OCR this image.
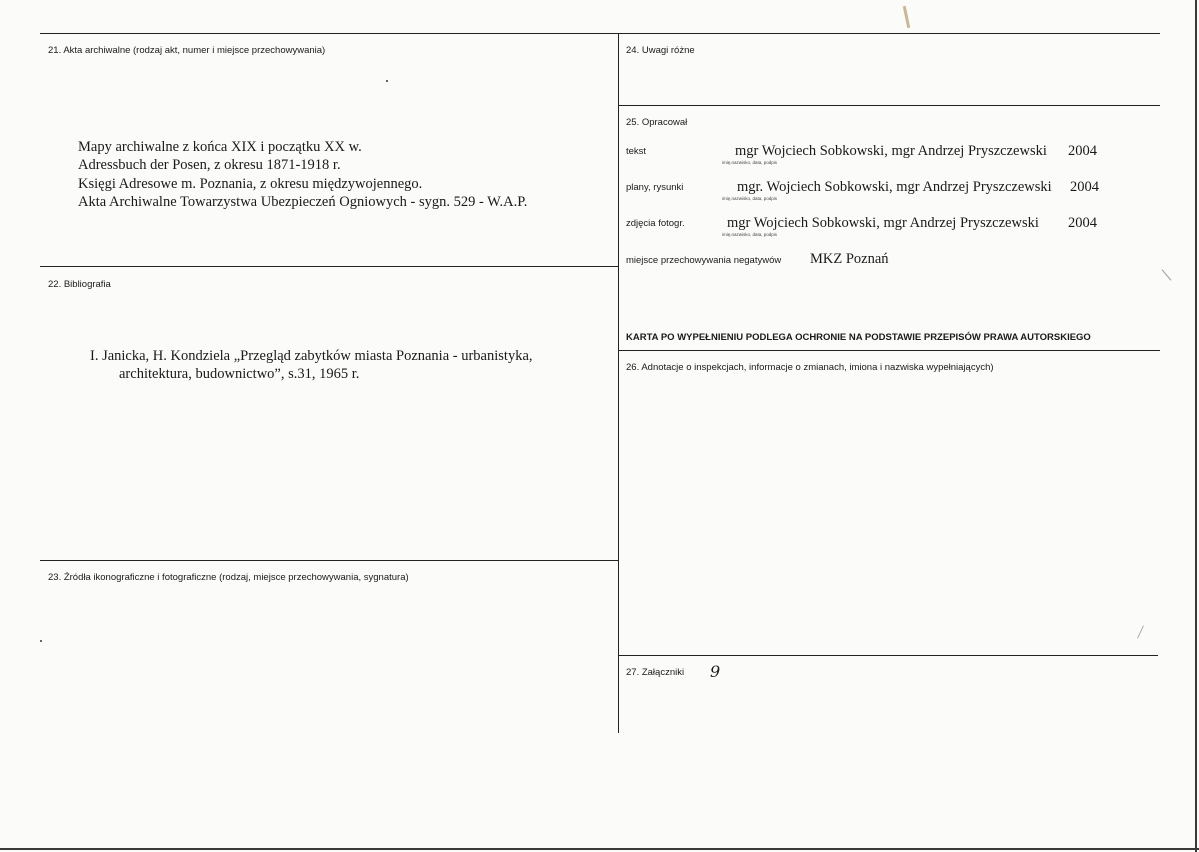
21. Akta archiwalne (rodzaj akt, numer i miejsce przechowywania)
Mapy archiwalne z końca XIX i początku XX w.
Adressbuch der Posen, z okresu 1871-1918 r.
Księgi Adresowe m. Poznania, z okresu międzywojennego.
Akta Archiwalne Towarzystwa Ubezpieczeń Ogniowych - sygn. 529 - W.A.P.
22. Bibliografia
I. Janicka, H. Kondziela „Przegląd zabytków miasta Poznania - urbanistyka,
architektura, budownictwo”, s.31, 1965 r.
23. Źródła ikonograficzne i fotograficzne (rodzaj, miejsce przechowywania, sygnatura)
24. Uwagi różne
25. Opracował
tekst	mgr Wojciech Sobkowski, mgr Andrzej Pryszczewski 2004
imię,nazwisko, data, podpis
plany, rysunki	mgr. Wojciech Sobkowski, mgr Andrzej Pryszczewski 2004
imię,nazwisko, data, podpis
zdjęcia fotogr.	mgr Wojciech Sobkowski, mgr Andrzej Pryszczewski 2004
imię,nazwisko, data, podpis
miejsce przechowywania negatywów MKZ Poznań
KARTA PO WYPEŁNIENIU PODLEGA OCHRONIE NA PODSTAWIE PRZEPISÓW PRAWA AUTORSKIEGO
26. Adnotacje o inspekcjach, informacje o zmianach, imiona i nazwiska wypełniających)
27. Załączniki 9
